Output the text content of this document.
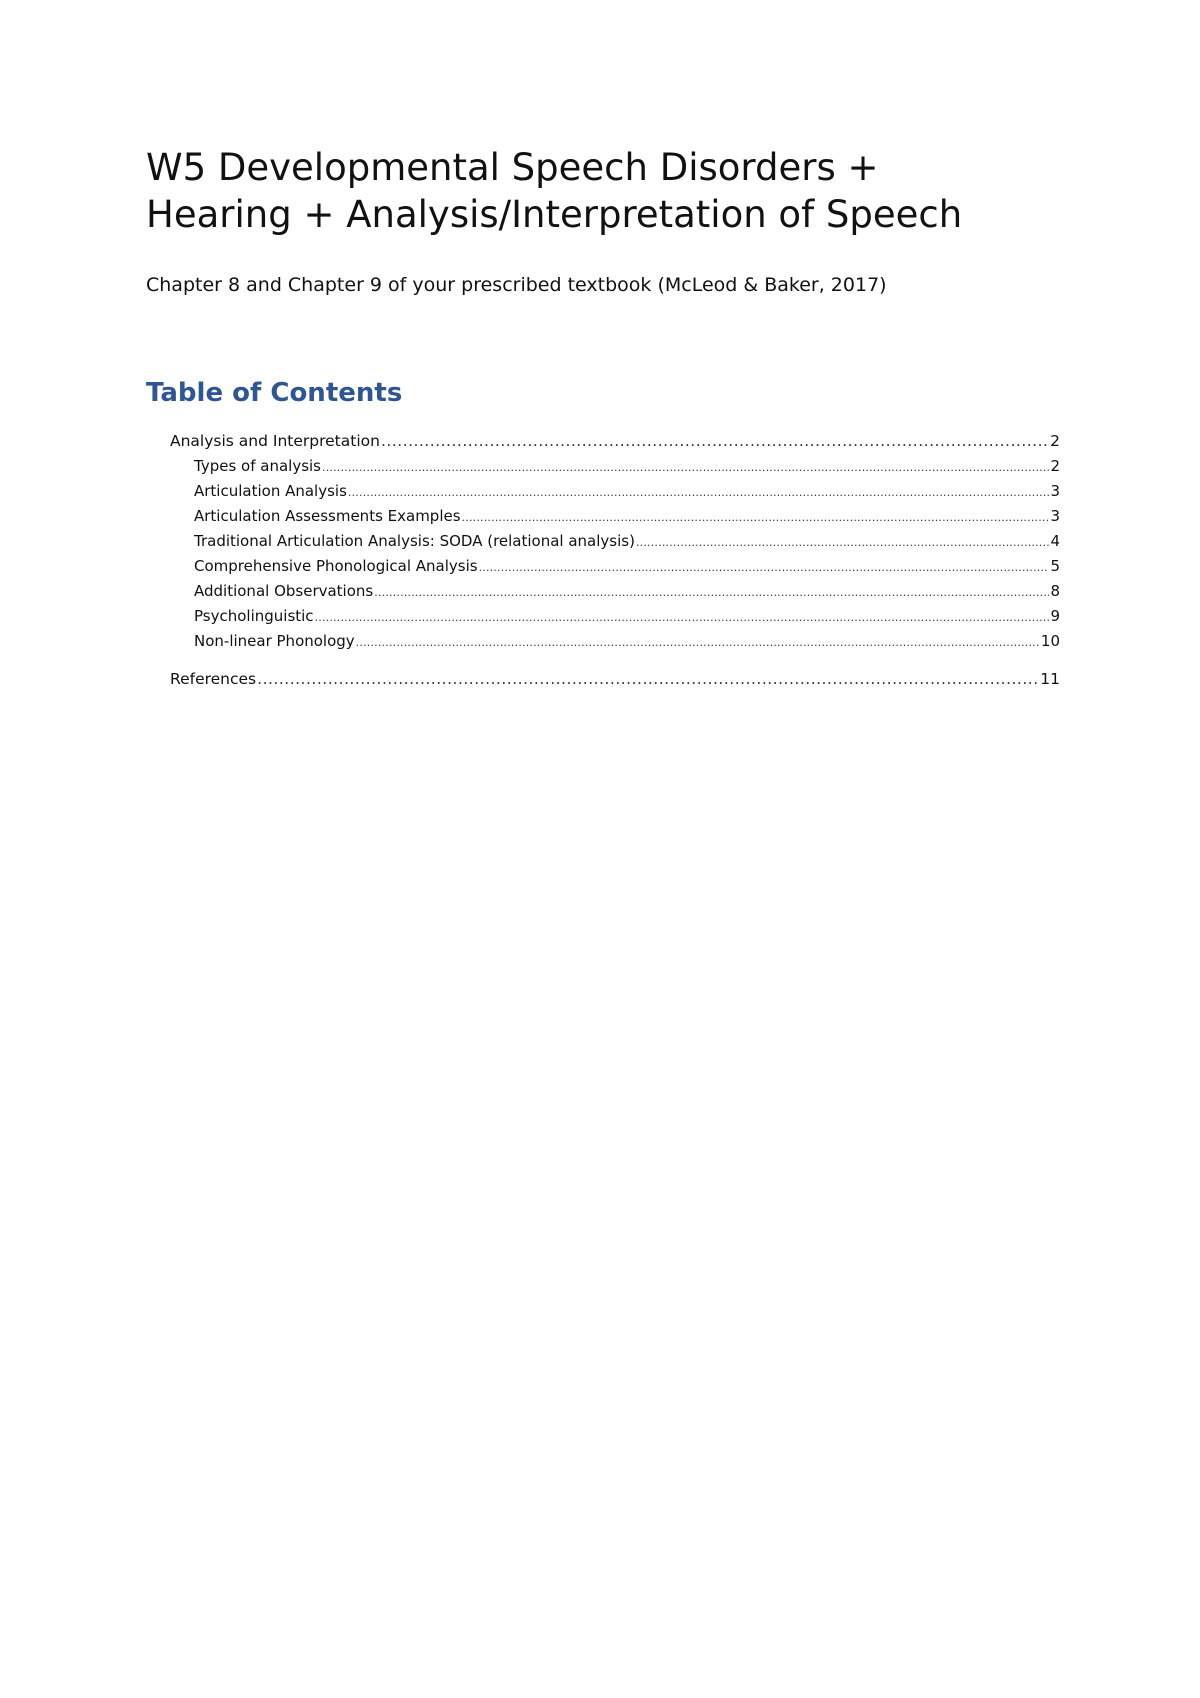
W5 Developmental Speech Disorders +
Hearing + Analysis/Interpretation of Speech

Chapter 8 and Chapter 9 of your prescribed textbook (McLeod & Baker, 2017)

Table of Contents
Analysis and Interpretation .....	2
Types of analysis .....	2
Articulation Analysis .....	3
Articulation Assessments Examples .....	3
Traditional Articulation Analysis: SODA (relational analysis) .....	4
Comprehensive Phonological Analysis .....	5
Additional Observations .....	8
Psycholinguistic .....	9
Non-linear Phonology .....	10
References .....	11
